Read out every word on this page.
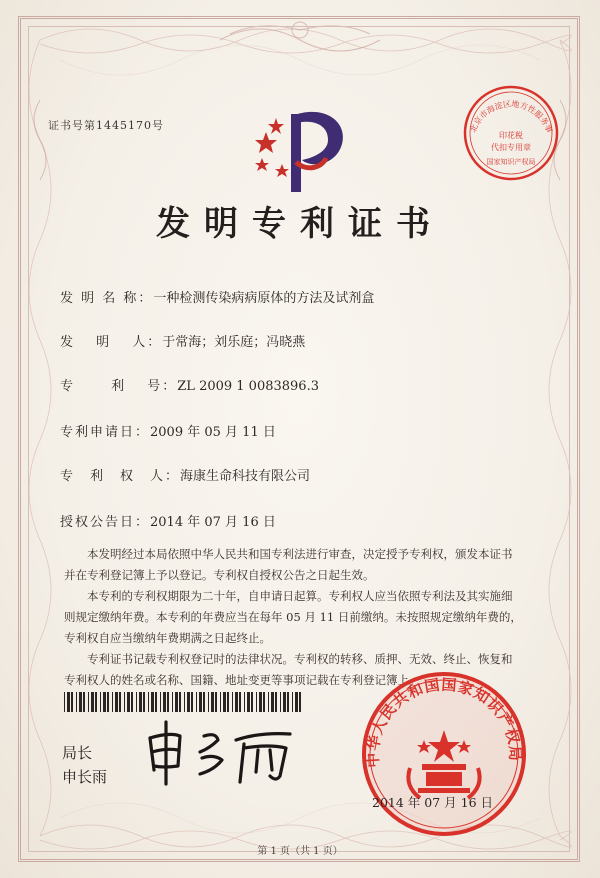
证书号第1445170号	北京市海淀区地方性服务事
印花税
代扣专用章
国家知识产权局
发明专利证书
发 明 名 称：一种检测传染病病原体的方法及试剂盒
发　 明　 人：于常海；刘乐庭；冯晓燕
专　　 利　 号：ZL 2009 1 0083896.3
专利申请日：2009 年 05 月 11 日
专　利　权　人：海康生命科技有限公司
授权公告日：2014 年 07 月 16 日

本发明经过本局依照中华人民共和国专利法进行审查，决定授予专利权，颁发本证书

并在专利登记簿上予以登记。专利权自授权公告之日起生效。

本专利的专利权期限为二十年，自申请日起算。专利权人应当依照专利法及其实施细

则规定缴纳年费。本专利的年费应当在每年 05 月 11 日前缴纳。未按照规定缴纳年费的，

专利权自应当缴纳年费期满之日起终止。

专利证书记载专利权登记时的法律状况。专利权的转移、质押、无效、终止、恢复和

专利权人的姓名或名称、国籍、地址变更等事项记载在专利登记簿上。

局长
申长雨
中华人民共和国国家知识产权局
2014 年 07 月 16 日
第 1 页（共 1 页）
